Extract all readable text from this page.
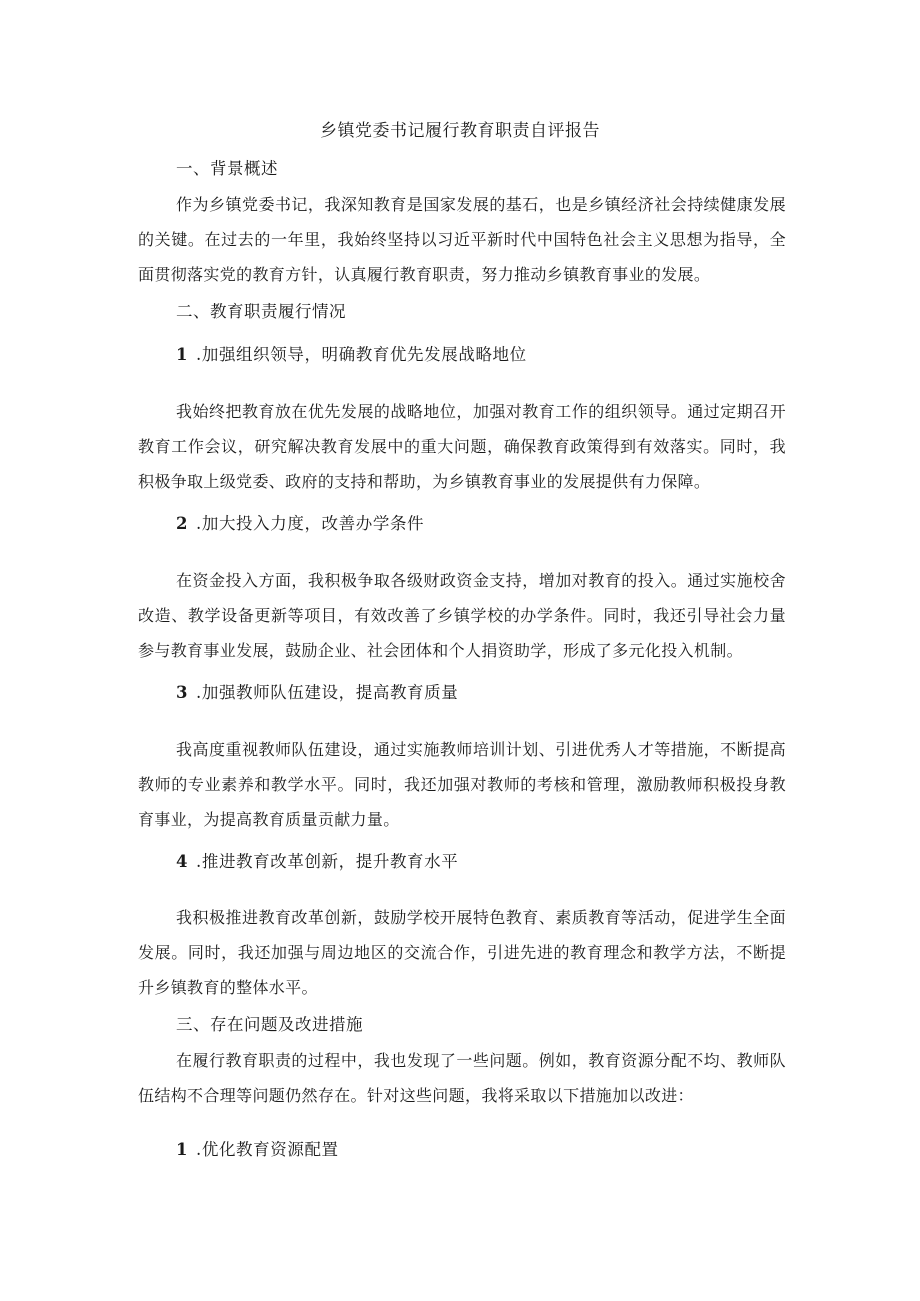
乡镇党委书记履行教育职责自评报告
一、背景概述

作为乡镇党委书记，我深知教育是国家发展的基石，也是乡镇经济社会持续健康发展的关键。在过去的一年里，我始终坚持以习近平新时代中国特色社会主义思想为指导，全面贯彻落实党的教育方针，认真履行教育职责，努力推动乡镇教育事业的发展。

二、教育职责履行情况
1 .加强组织领导，明确教育优先发展战略地位

我始终把教育放在优先发展的战略地位，加强对教育工作的组织领导。通过定期召开教育工作会议，研究解决教育发展中的重大问题，确保教育政策得到有效落实。同时，我积极争取上级党委、政府的支持和帮助，为乡镇教育事业的发展提供有力保障。

2 .加大投入力度，改善办学条件

在资金投入方面，我积极争取各级财政资金支持，增加对教育的投入。通过实施校舍改造、教学设备更新等项目，有效改善了乡镇学校的办学条件。同时，我还引导社会力量参与教育事业发展，鼓励企业、社会团体和个人捐资助学，形成了多元化投入机制。

3 .加强教师队伍建设，提高教育质量

我高度重视教师队伍建设，通过实施教师培训计划、引进优秀人才等措施，不断提高教师的专业素养和教学水平。同时，我还加强对教师的考核和管理，激励教师积极投身教育事业，为提高教育质量贡献力量。

4 .推进教育改革创新，提升教育水平

我积极推进教育改革创新，鼓励学校开展特色教育、素质教育等活动，促进学生全面发展。同时，我还加强与周边地区的交流合作，引进先进的教育理念和教学方法，不断提升乡镇教育的整体水平。

三、存在问题及改进措施

在履行教育职责的过程中，我也发现了一些问题。例如，教育资源分配不均、教师队伍结构不合理等问题仍然存在。针对这些问题，我将采取以下措施加以改进：

1 .优化教育资源配置
